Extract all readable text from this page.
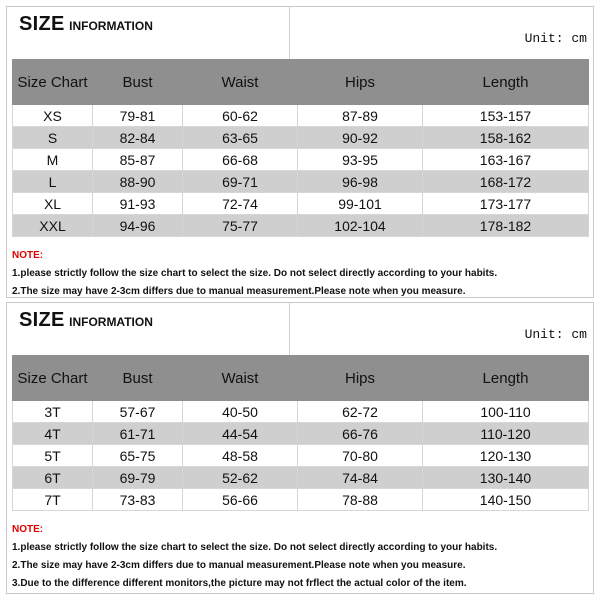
SIZE INFORMATION
Unit: cm
Size Chart	Bust	Waist	Hips	Length
XS	79-81	60-62	87-89	153-157
S	82-84	63-65	90-92	158-162
M	85-87	66-68	93-95	163-167
L	88-90	69-71	96-98	168-172
XL	91-93	72-74	99-101	173-177
XXL	94-96	75-77	102-104	178-182
NOTE:
1.please strictly follow the size chart to select the size. Do not select directly according to your habits.
2.The size may have 2-3cm differs due to manual measurement.Please note when you measure.
SIZE INFORMATION
Unit: cm
Size Chart	Bust	Waist	Hips	Length
3T	57-67	40-50	62-72	100-110
4T	61-71	44-54	66-76	110-120
5T	65-75	48-58	70-80	120-130
6T	69-79	52-62	74-84	130-140
7T	73-83	56-66	78-88	140-150
NOTE:
1.please strictly follow the size chart to select the size. Do not select directly according to your habits.
2.The size may have 2-3cm differs due to manual measurement.Please note when you measure.
3.Due to the difference different monitors,the picture may not frflect the actual color of the item.
